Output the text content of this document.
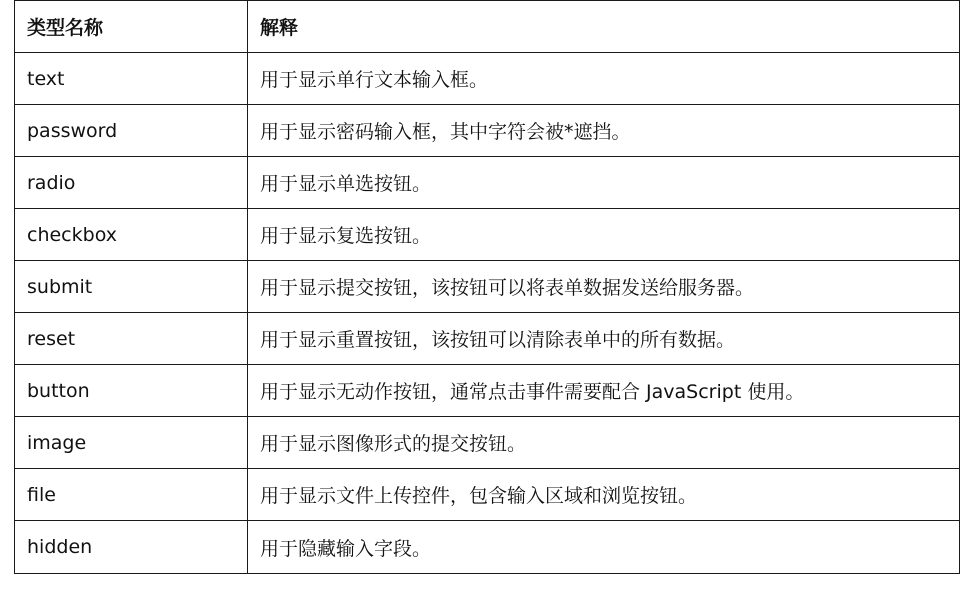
类型名称	解释
text	用于显示单行文本输入框。
password	用于显示密码输入框，其中字符会被*遮挡。
radio	用于显示单选按钮。
checkbox	用于显示复选按钮。
submit	用于显示提交按钮，该按钮可以将表单数据发送给服务器。
reset	用于显示重置按钮，该按钮可以清除表单中的所有数据。
button	用于显示无动作按钮，通常点击事件需要配合 JavaScript 使用。
image	用于显示图像形式的提交按钮。
file	用于显示文件上传控件，包含输入区域和浏览按钮。
hidden	用于隐藏输入字段。
